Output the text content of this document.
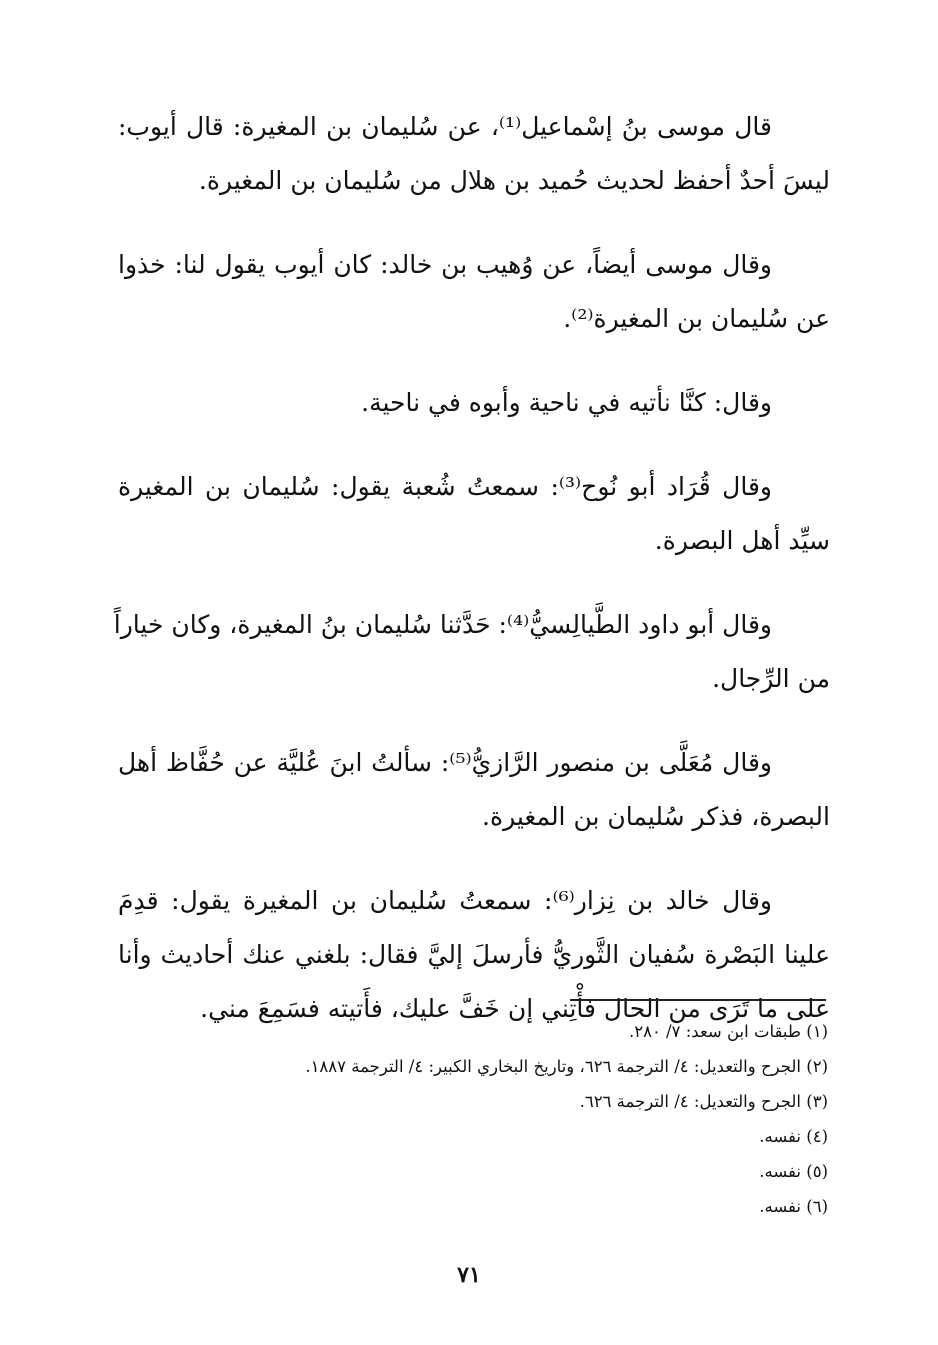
قال موسى بنُ إسْماعيل⁽¹⁾، عن سُليمان بن المغيرة: قال أيوب:
ليسَ أحدٌ أحفظ لحديث حُميد بن هلال من سُليمان بن المغيرة.
وقال موسى أيضاً، عن وُهيب بن خالد: كان أيوب يقول لنا: خذوا
عن سُليمان بن المغيرة⁽²⁾.
وقال: كنَّا نأتيه في ناحية وأبوه في ناحية.
وقال قُرَاد أبو نُوح⁽³⁾: سمعتُ شُعبة يقول: سُليمان بن المغيرة
سيِّد أهل البصرة.
وقال أبو داود الطَّيالِسيُّ⁽⁴⁾: حَدَّثنا سُليمان بنُ المغيرة، وكان خياراً
من الرِّجال.
وقال مُعَلَّى بن منصور الرَّازيُّ⁽⁵⁾: سألتُ ابنَ عُليَّة عن حُفَّاظ أهل
البصرة، فذكر سُليمان بن المغيرة.
وقال خالد بن نِزار⁽⁶⁾: سمعتُ سُليمان بن المغيرة يقول: قدِمَ
علينا البَصْرة سُفيان الثَّوريُّ فأرسلَ إليَّ فقال: بلغني عنك أحاديث وأنا
على ما تَرَى من الحال فأْتِني إن خَفَّ عليك، فأَتيته فسَمِعَ مني.
(١) طبقات ابن سعد: ٧/ ٢٨٠.
(٢) الجرح والتعديل: ٤/ الترجمة ٦٢٦، وتاريخ البخاري الكبير: ٤/ الترجمة ١٨٨٧.
(٣) الجرح والتعديل: ٤/ الترجمة ٦٢٦.
(٤) نفسه.
(٥) نفسه.
(٦) نفسه.
٧١
